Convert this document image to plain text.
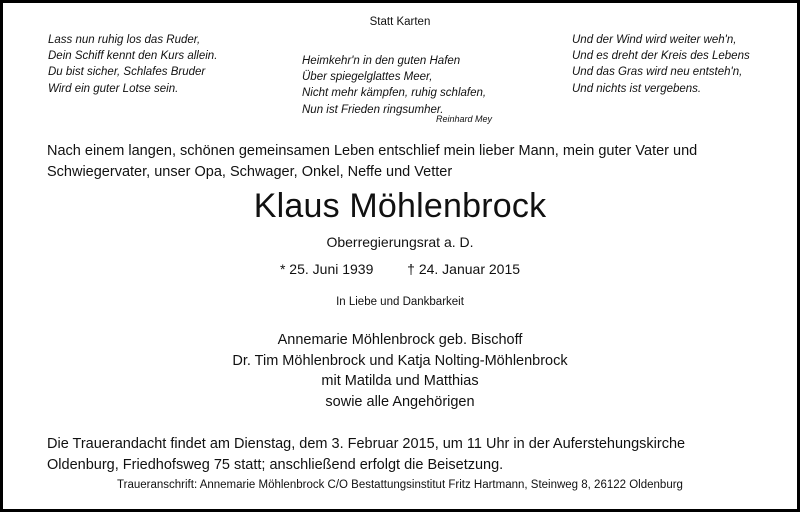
Statt Karten
Lass nun ruhig los das Ruder,
Dein Schiff kennt den Kurs allein.
Du bist sicher, Schlafes Bruder
Wird ein guter Lotse sein.
Heimkehr'n in den guten Hafen
Über spiegelglattes Meer,
Nicht mehr kämpfen, ruhig schlafen,
Nun ist Frieden ringsumher.
Reinhard Mey
Und der Wind wird weiter weh'n,
Und es dreht der Kreis des Lebens
Und das Gras wird neu entsteh'n,
Und nichts ist vergebens.
Nach einem langen, schönen gemeinsamen Leben entschlief mein lieber Mann, mein guter Vater und
Schwiegervater, unser Opa, Schwager, Onkel, Neffe und Vetter
Klaus Möhlenbrock
Oberregierungsrat a. D.
* 25. Juni 1939 † 24. Januar 2015
In Liebe und Dankbarkeit
Annemarie Möhlenbrock geb. Bischoff
Dr. Tim Möhlenbrock und Katja Nolting-Möhlenbrock
mit Matilda und Matthias
sowie alle Angehörigen
Die Trauerandacht findet am Dienstag, dem 3. Februar 2015, um 11 Uhr in der Auferstehungskirche
Oldenburg, Friedhofsweg 75 statt; anschließend erfolgt die Beisetzung.
Traueranschrift: Annemarie Möhlenbrock C/O Bestattungsinstitut Fritz Hartmann, Steinweg 8, 26122 Oldenburg
